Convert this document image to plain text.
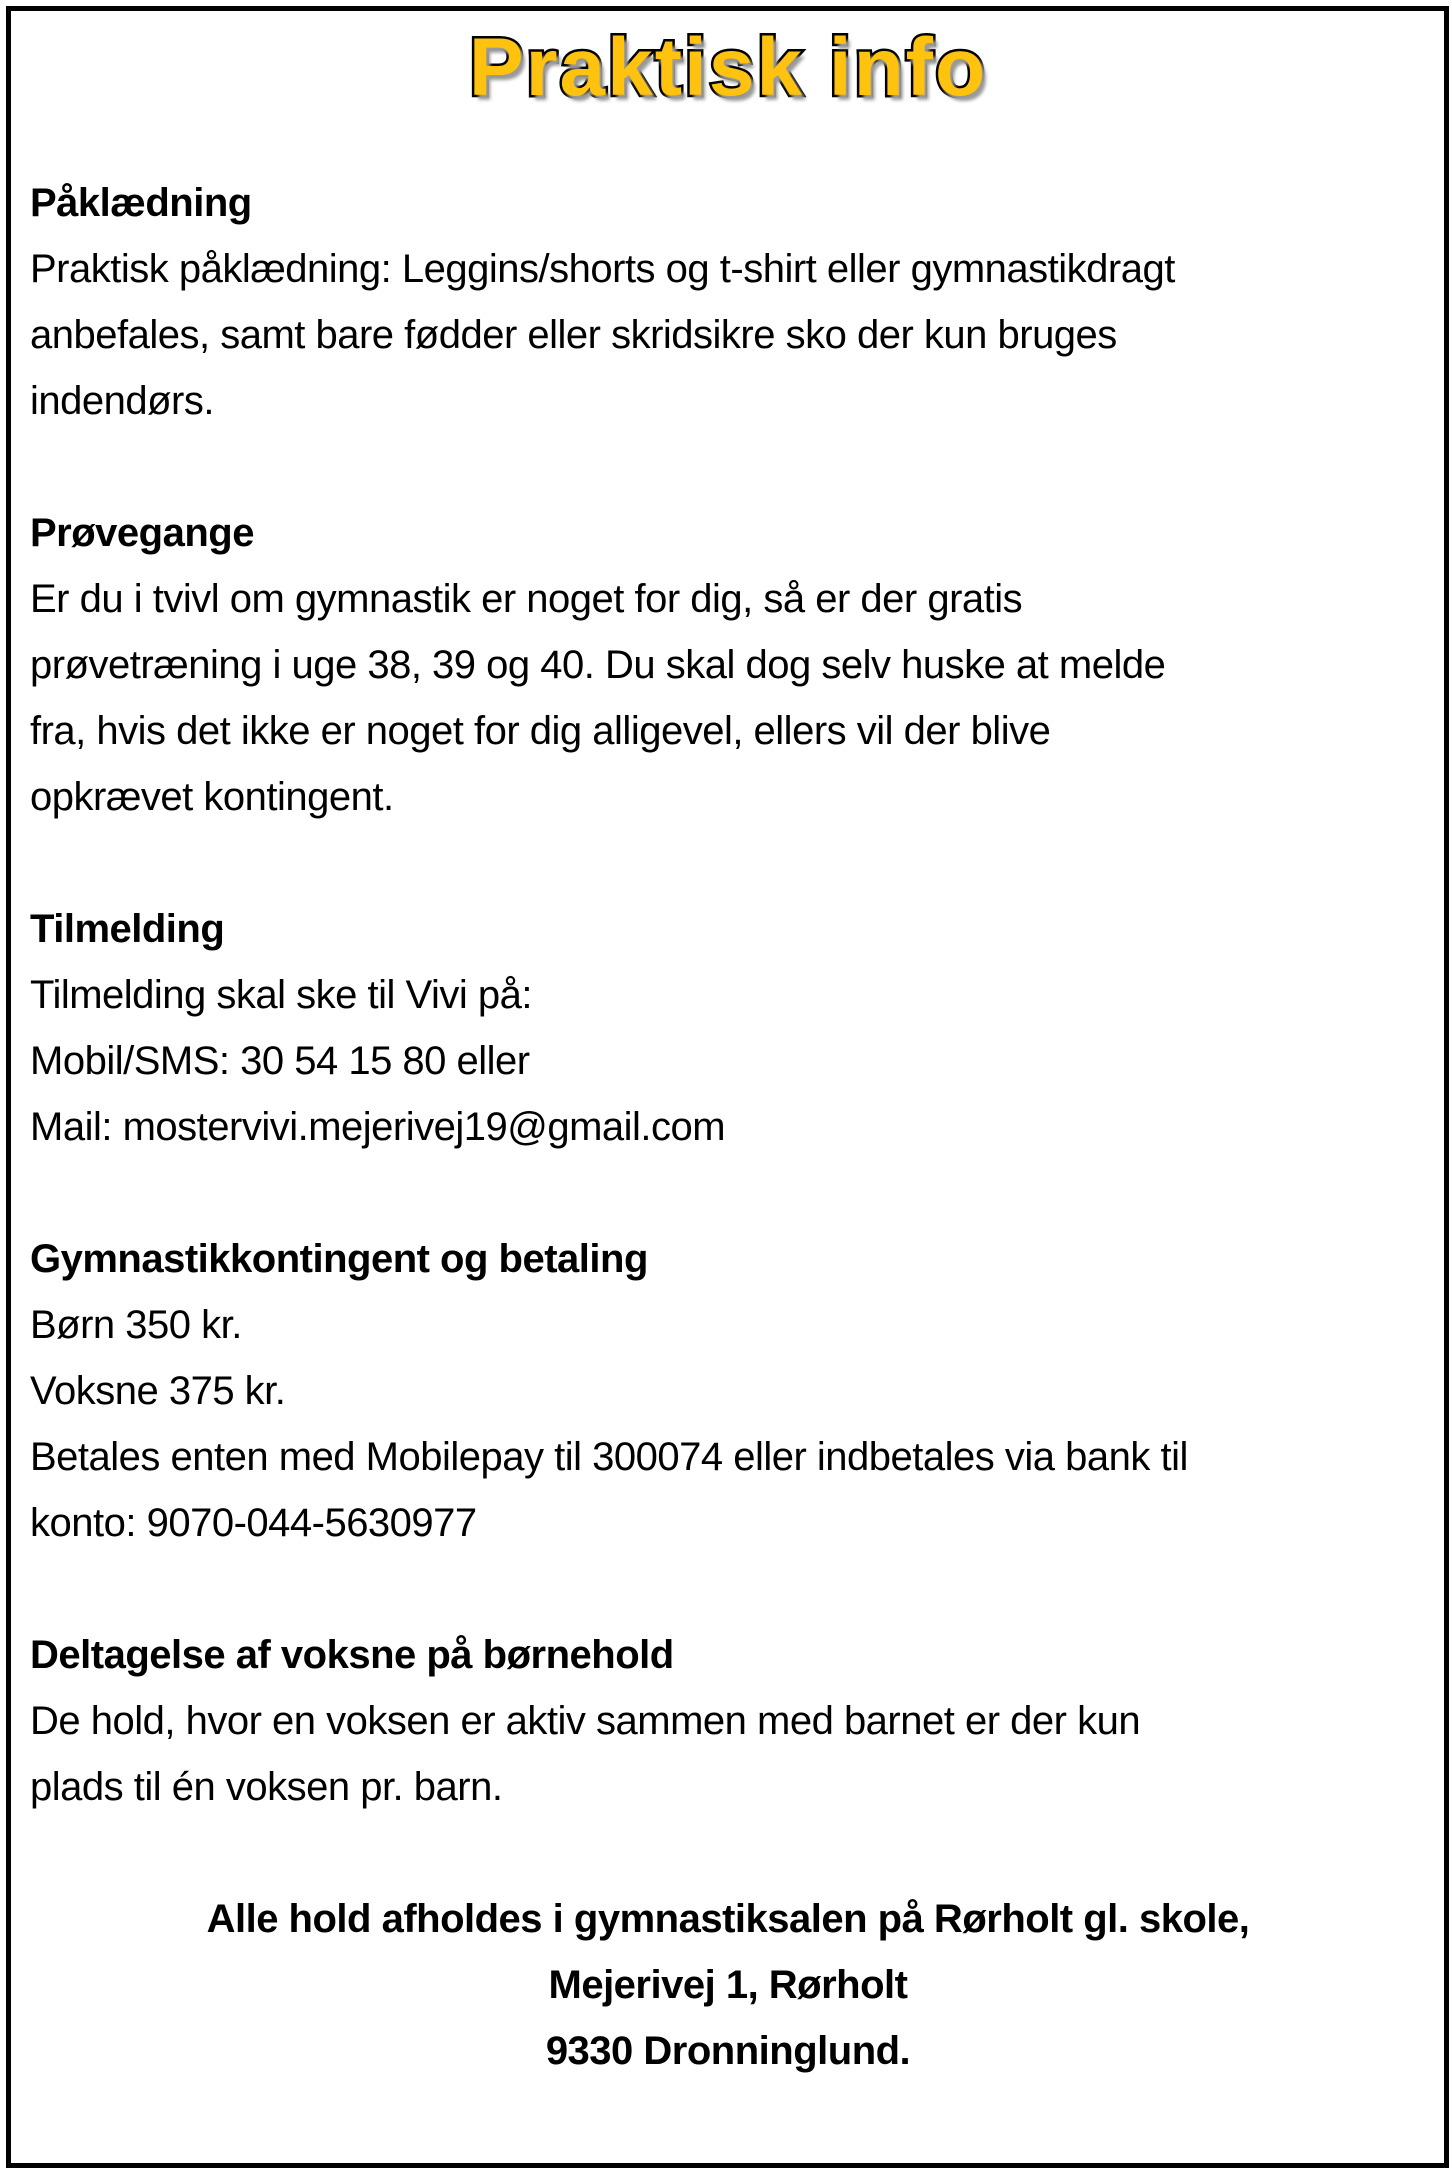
Praktisk info
Påklædning
Praktisk påklædning: Leggins/shorts og t-shirt eller gymnastikdragt
anbefales, samt bare fødder eller skridsikre sko der kun bruges
indendørs.
Prøvegange
Er du i tvivl om gymnastik er noget for dig, så er der gratis
prøvetræning i uge 38, 39 og 40. Du skal dog selv huske at melde
fra, hvis det ikke er noget for dig alligevel, ellers vil der blive
opkrævet kontingent.
Tilmelding
Tilmelding skal ske til Vivi på:
Mobil/SMS: 30 54 15 80 eller
Mail: mostervivi.mejerivej19@gmail.com
Gymnastikkontingent og betaling
Børn 350 kr.
Voksne 375 kr.
Betales enten med Mobilepay til 300074 eller indbetales via bank til
konto: 9070-044-5630977
Deltagelse af voksne på børnehold
De hold, hvor en voksen er aktiv sammen med barnet er der kun
plads til én voksen pr. barn.
Alle hold afholdes i gymnastiksalen på Rørholt gl. skole,
Mejerivej 1, Rørholt
9330 Dronninglund.
